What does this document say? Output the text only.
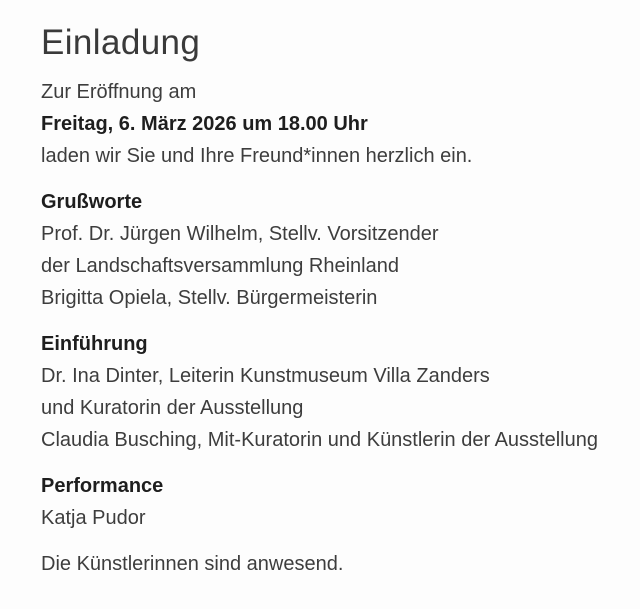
Einladung

Zur Eröffnung am
Freitag, 6. März 2026 um 18.00 Uhr
laden wir Sie und Ihre Freund*innen herzlich ein.

Grußworte
Prof. Dr. Jürgen Wilhelm, Stellv. Vorsitzender
der Landschaftsversammlung Rheinland
Brigitta Opiela, Stellv. Bürgermeisterin

Einführung
Dr. Ina Dinter, Leiterin Kunstmuseum Villa Zanders
und Kuratorin der Ausstellung
Claudia Busching, Mit-Kuratorin und Künstlerin der Ausstellung

Performance
Katja Pudor

Die Künstlerinnen sind anwesend.
